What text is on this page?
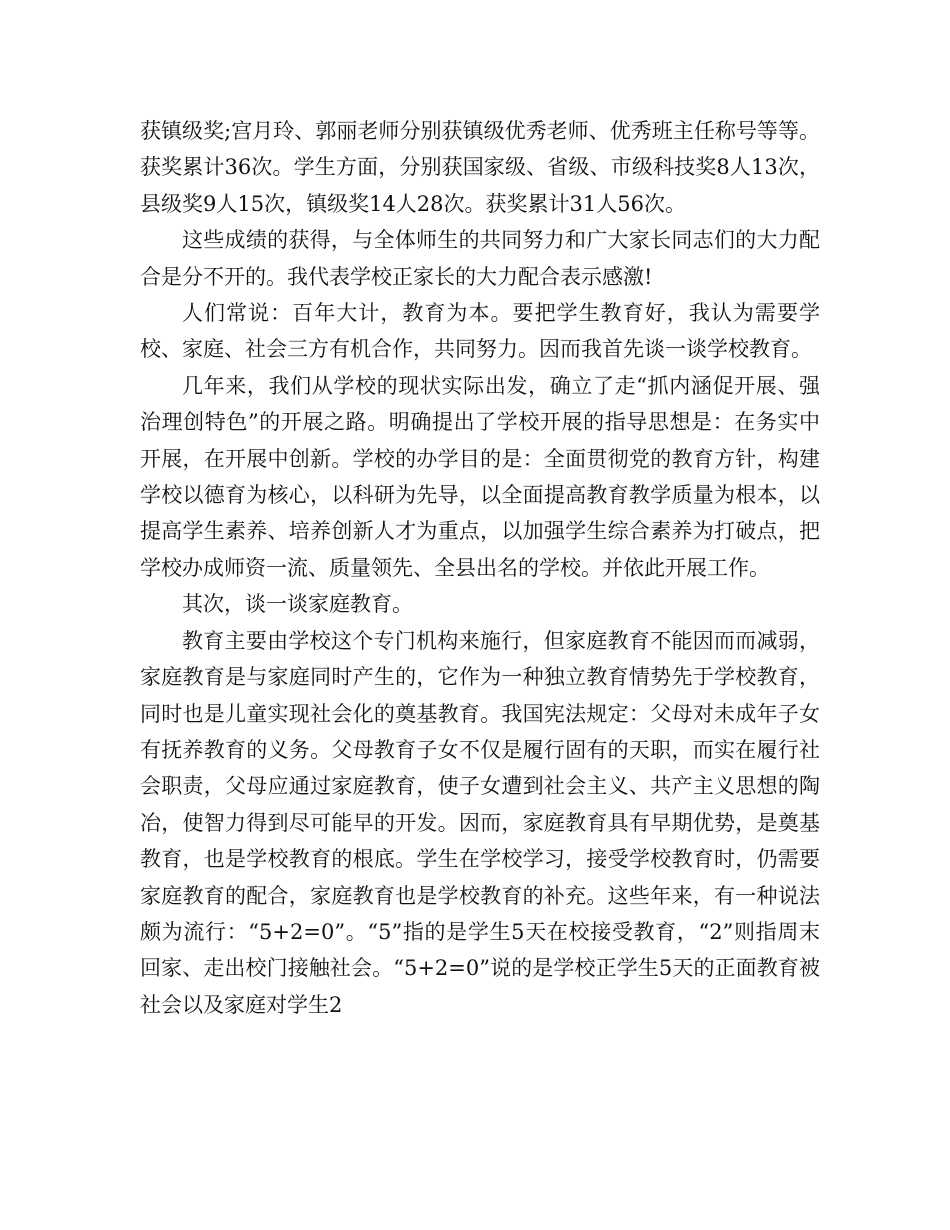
获镇级奖;宫月玲、郭丽老师分别获镇级优秀老师、优秀班主任称号等等。获奖累计36次。学生方面，分别获国家级、省级、市级科技奖8人13次，县级奖9人15次，镇级奖14人28次。获奖累计31人56次。

这些成绩的获得，与全体师生的共同努力和广大家长同志们的大力配合是分不开的。我代表学校正家长的大力配合表示感激!

人们常说：百年大计，教育为本。要把学生教育好，我认为需要学校、家庭、社会三方有机合作，共同努力。因而我首先谈一谈学校教育。

几年来，我们从学校的现状实际出发，确立了走“抓内涵促开展、强治理创特色”的开展之路。明确提出了学校开展的指导思想是：在务实中开展，在开展中创新。学校的办学目的是：全面贯彻党的教育方针，构建学校以德育为核心，以科研为先导，以全面提高教育教学质量为根本，以提高学生素养、培养创新人才为重点，以加强学生综合素养为打破点，把学校办成师资一流、质量领先、全县出名的学校。并依此开展工作。

其次，谈一谈家庭教育。

教育主要由学校这个专门机构来施行，但家庭教育不能因而而减弱，家庭教育是与家庭同时产生的，它作为一种独立教育情势先于学校教育，同时也是儿童实现社会化的奠基教育。我国宪法规定：父母对未成年子女有抚养教育的义务。父母教育子女不仅是履行固有的天职，而实在履行社会职责，父母应通过家庭教育，使子女遭到社会主义、共产主义思想的陶冶，使智力得到尽可能早的开发。因而，家庭教育具有早期优势，是奠基教育，也是学校教育的根底。学生在学校学习，接受学校教育时，仍需要家庭教育的配合，家庭教育也是学校教育的补充。这些年来，有一种说法颇为流行：“5+2=0”。“5”指的是学生5天在校接受教育，“2”则指周末回家、走出校门接触社会。“5+2=0”说的是学校正学生5天的正面教育被社会以及家庭对学生2
